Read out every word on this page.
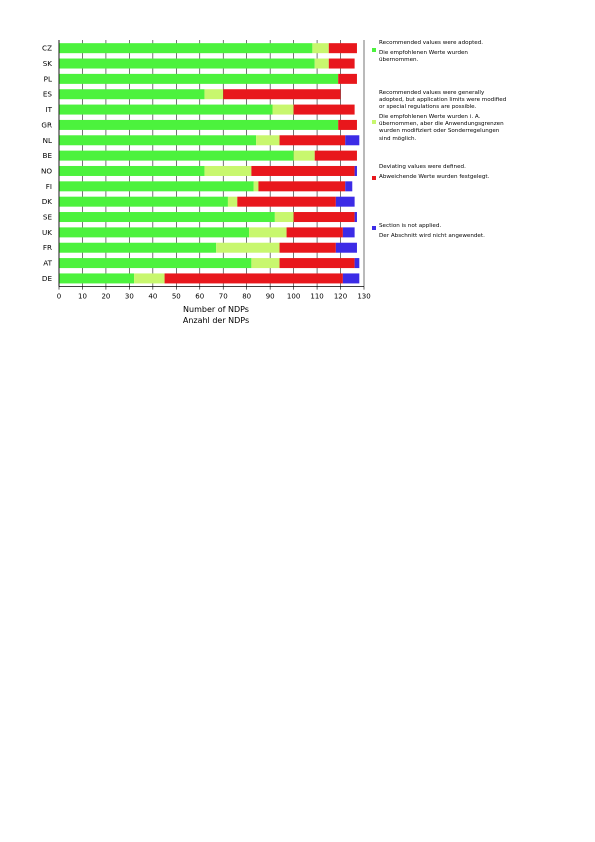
CZ
SK
PL
ES
IT
GR
NL
BE
NO
FI
DK
SE
UK
FR
AT
DE
0 10 20 30 40 50 60 70 80 90 100 110 120 130
Number of NDPs
Anzahl der NDPs

Recommended values were adopted.

Die empfohlenen Werte wurden übernommen.

Recommended values were generally adopted, but application limits were modified or special regulations are possible.

Die empfohlenen Werte wurden i. A. übernommen, aber die Anwendungsgrenzen wurden modifiziert oder Sonderregelungen sind möglich.

Deviating values were defined.

Abweichende Werte wurden festgelegt.

Section is not applied.

Der Abschnitt wird nicht angewendet.
